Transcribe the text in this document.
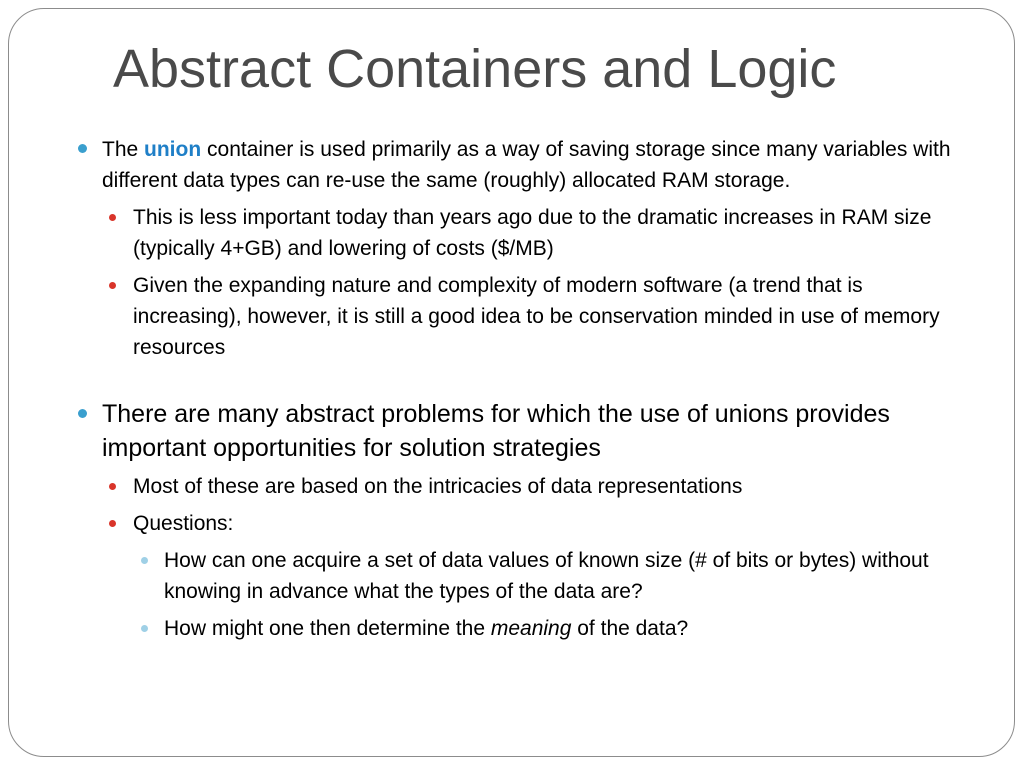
Abstract Containers and Logic
The union container is used primarily as a way of saving storage since many variables with different data types can re-use the same (roughly) allocated RAM storage.
This is less important today than years ago due to the dramatic increases in RAM size (typically 4+GB) and lowering of costs ($/MB)
Given the expanding nature and complexity of modern software (a trend that is increasing), however, it is still a good idea to be conservation minded in use of memory resources
There are many abstract problems for which the use of unions provides important opportunities for solution strategies
Most of these are based on the intricacies of data representations
Questions:
How can one acquire a set of data values of known size (# of bits or bytes) without knowing in advance what the types of the data are?
How might one then determine the meaning of the data?
